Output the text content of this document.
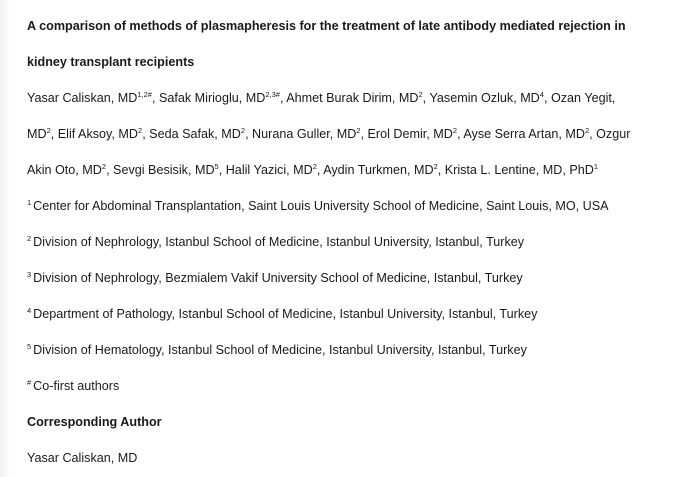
A comparison of methods of plasmapheresis for the treatment of late antibody mediated rejection in
kidney transplant recipients
Yasar Caliskan, $MD^{1,2\#}$, Safak Mirioglu, $MD^{2,3\#}$, Ahmet Burak Dirim, $MD^2$, Yasemin Ozluk, $MD^4$, Ozan Yegit,
$MD^2$, Elif Aksoy, $MD^2$, Seda Safak, $MD^2$, Nurana Guller, $MD^2$, Erol Demir, $MD^2$, Ayse Serra Artan, $MD^2$, Ozgur
Akin Oto, $MD^2$, Sevgi Besisik, $MD^5$, Halil Yazici, $MD^2$, Aydin Turkmen, $MD^2$, Krista L. Lentine, MD, PhD$^1$
$^1$ Center for Abdominal Transplantation, Saint Louis University School of Medicine, Saint Louis, MO, USA
$^2$ Division of Nephrology, Istanbul School of Medicine, Istanbul University, Istanbul, Turkey
$^3$ Division of Nephrology, Bezmialem Vakif University School of Medicine, Istanbul, Turkey
$^4$ Department of Pathology, Istanbul School of Medicine, Istanbul University, Istanbul, Turkey
$^5$ Division of Hematology, Istanbul School of Medicine, Istanbul University, Istanbul, Turkey
# Co-first authors
Corresponding Author
Yasar Caliskan, MD
